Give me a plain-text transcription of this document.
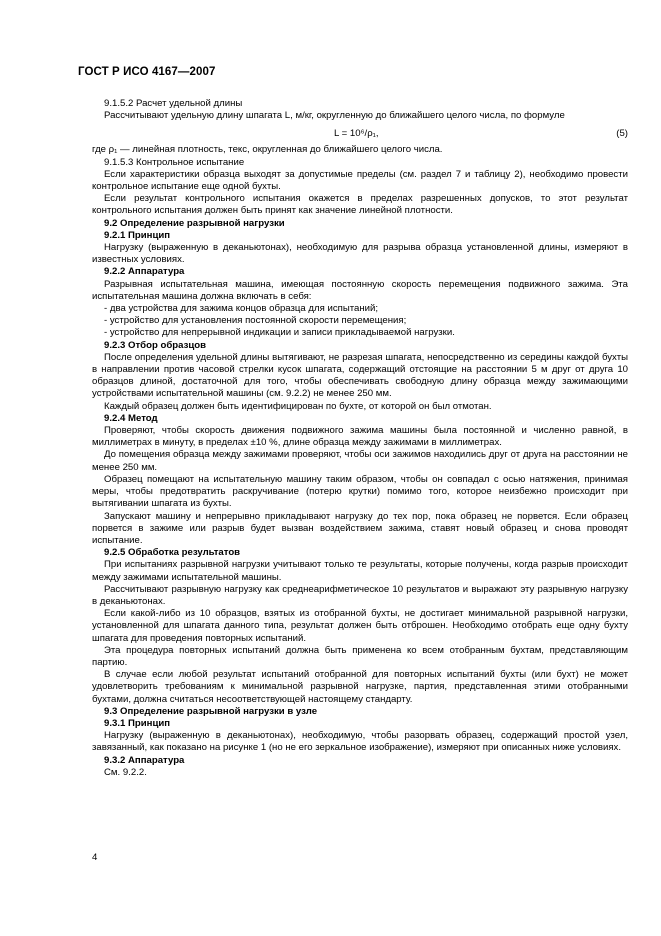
ГОСТ Р ИСО 4167—2007

9.1.5.2 Расчет удельной длины

Рассчитывают удельную длину шпагата L, м/кг, округленную до ближайшего целого числа, по формуле

L = 10⁶/ρ₁,	(5)

где ρ₁ — линейная плотность, текс, округленная до ближайшего целого числа.

9.1.5.3 Контрольное испытание

Если характеристики образца выходят за допустимые пределы (см. раздел 7 и таблицу 2), необходимо провести контрольное испытание еще одной бухты.

Если результат контрольного испытания окажется в пределах разрешенных допусков, то этот результат контрольного испытания должен быть принят как значение линейной плотности.

9.2 Определение разрывной нагрузки

9.2.1 Принцип

Нагрузку (выраженную в деканьютонах), необходимую для разрыва образца установленной длины, измеряют в известных условиях.

9.2.2 Аппаратура

Разрывная испытательная машина, имеющая постоянную скорость перемещения подвижного зажима. Эта испытательная машина должна включать в себя:

- два устройства для зажима концов образца для испытаний;

- устройство для установления постоянной скорости перемещения;

- устройство для непрерывной индикации и записи прикладываемой нагрузки.

9.2.3 Отбор образцов

После определения удельной длины вытягивают, не разрезая шпагата, непосредственно из середины каждой бухты в направлении против часовой стрелки кусок шпагата, содержащий отстоящие на расстоянии 5 м друг от друга 10 образцов длиной, достаточной для того, чтобы обеспечивать свободную длину образца между зажимающими устройствами испытательной машины (см. 9.2.2) не менее 250 мм.

Каждый образец должен быть идентифицирован по бухте, от которой он был отмотан.

9.2.4 Метод

Проверяют, чтобы скорость движения подвижного зажима машины была постоянной и численно равной, в миллиметрах в минуту, в пределах ±10 %, длине образца между зажимами в миллиметрах.

До помещения образца между зажимами проверяют, чтобы оси зажимов находились друг от друга на расстоянии не менее 250 мм.

Образец помещают на испытательную машину таким образом, чтобы он совпадал с осью натяжения, принимая меры, чтобы предотвратить раскручивание (потерю крутки) помимо того, которое неизбежно происходит при вытягивании шпагата из бухты.

Запускают машину и непрерывно прикладывают нагрузку до тех пор, пока образец не порвется. Если образец порвется в зажиме или разрыв будет вызван воздействием зажима, ставят новый образец и снова проводят испытание.

9.2.5 Обработка результатов

При испытаниях разрывной нагрузки учитывают только те результаты, которые получены, когда разрыв происходит между зажимами испытательной машины.

Рассчитывают разрывную нагрузку как среднеарифметическое 10 результатов и выражают эту разрывную нагрузку в деканьютонах.

Если какой-либо из 10 образцов, взятых из отобранной бухты, не достигает минимальной разрывной нагрузки, установленной для шпагата данного типа, результат должен быть отброшен. Необходимо отобрать еще одну бухту шпагата для проведения повторных испытаний.

Эта процедура повторных испытаний должна быть применена ко всем отобранным бухтам, представляющим партию.

В случае если любой результат испытаний отобранной для повторных испытаний бухты (или бухт) не может удовлетворить требованиям к минимальной разрывной нагрузке, партия, представленная этими отобранными бухтами, должна считаться несоответствующей настоящему стандарту.

9.3 Определение разрывной нагрузки в узле

9.3.1 Принцип

Нагрузку (выраженную в деканьютонах), необходимую, чтобы разорвать образец, содержащий простой узел, завязанный, как показано на рисунке 1 (но не его зеркальное изображение), измеряют при описанных ниже условиях.

9.3.2 Аппаратура

См. 9.2.2.

4
